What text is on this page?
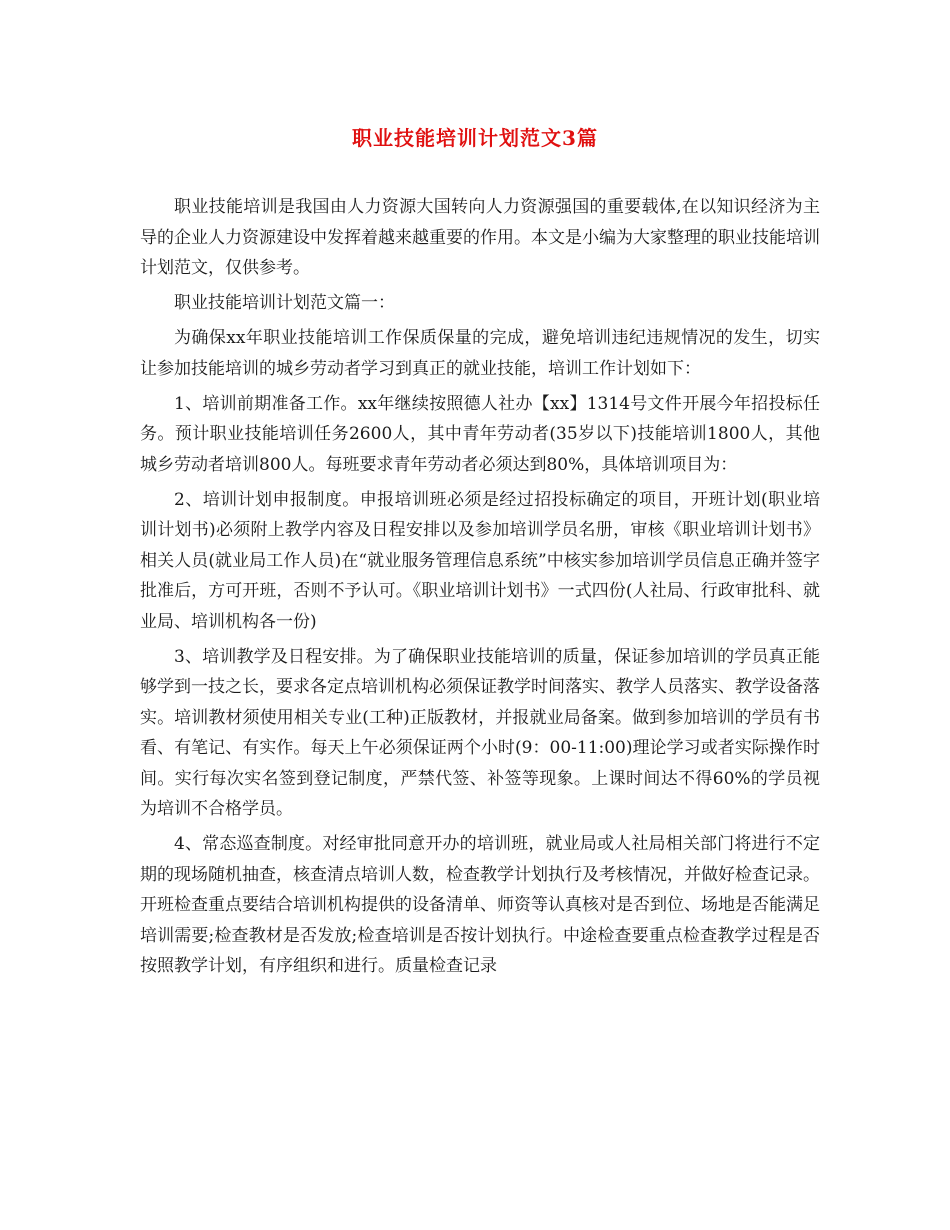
职业技能培训计划范文3篇

职业技能培训是我国由人力资源大国转向人力资源强国的重要载体,在以知识经济为主导的企业人力资源建设中发挥着越来越重要的作用。本文是小编为大家整理的职业技能培训计划范文，仅供参考。

职业技能培训计划范文篇一：

为确保xx年职业技能培训工作保质保量的完成，避免培训违纪违规情况的发生，切实让参加技能培训的城乡劳动者学习到真正的就业技能，培训工作计划如下：

1、培训前期准备工作。xx年继续按照德人社办【xx】1314号文件开展今年招投标任务。预计职业技能培训任务2600人，其中青年劳动者(35岁以下)技能培训1800人，其他城乡劳动者培训800人。每班要求青年劳动者必须达到80%，具体培训项目为：

2、培训计划申报制度。申报培训班必须是经过招投标确定的项目，开班计划(职业培训计划书)必须附上教学内容及日程安排以及参加培训学员名册，审核《职业培训计划书》相关人员(就业局工作人员)在“就业服务管理信息系统”中核实参加培训学员信息正确并签字批准后，方可开班，否则不予认可。《职业培训计划书》一式四份(人社局、行政审批科、就业局、培训机构各一份)

3、培训教学及日程安排。为了确保职业技能培训的质量，保证参加培训的学员真正能够学到一技之长，要求各定点培训机构必须保证教学时间落实、教学人员落实、教学设备落实。培训教材须使用相关专业(工种)正版教材，并报就业局备案。做到参加培训的学员有书看、有笔记、有实作。每天上午必须保证两个小时(9：00-11:00)理论学习或者实际操作时间。实行每次实名签到登记制度，严禁代签、补签等现象。上课时间达不得60%的学员视为培训不合格学员。

4、常态巡查制度。对经审批同意开办的培训班，就业局或人社局相关部门将进行不定期的现场随机抽查，核查清点培训人数，检查教学计划执行及考核情况，并做好检查记录。开班检查重点要结合培训机构提供的设备清单、师资等认真核对是否到位、场地是否能满足培训需要;检查教材是否发放;检查培训是否按计划执行。中途检查要重点检查教学过程是否按照教学计划，有序组织和进行。质量检查记录
